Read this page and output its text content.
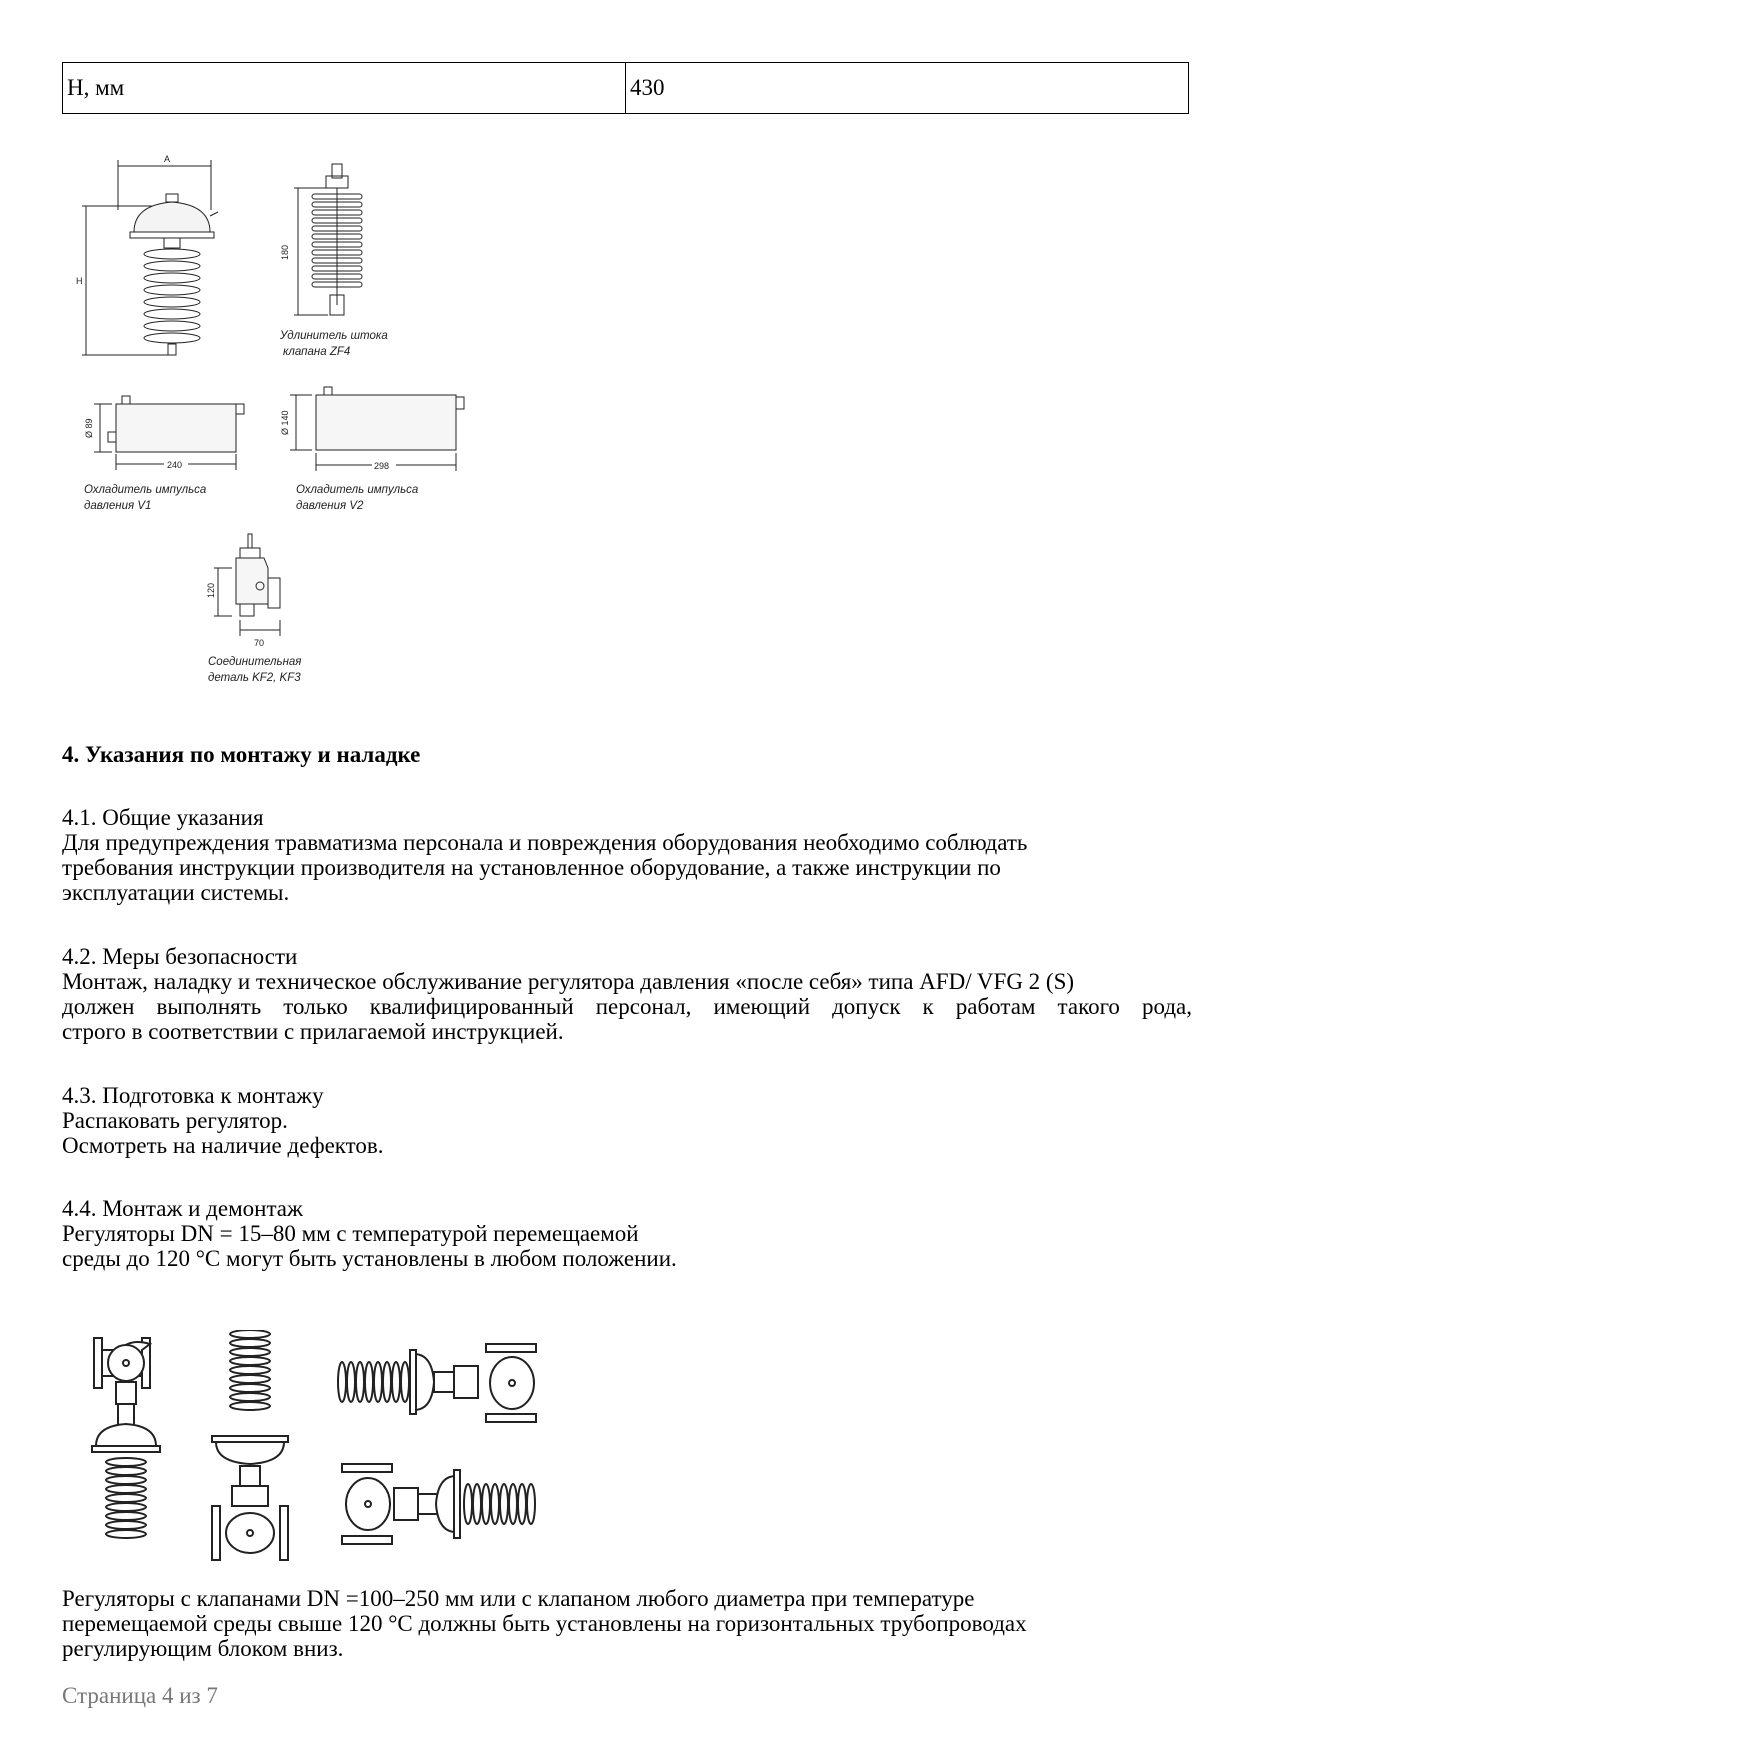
H, мм	430
A
H
180
Удлинитель штока
клапана ZF4
Ø 89
240
Охладитель импульса
давления V1
Ø 140
298
Охладитель импульса
давления V2
120
70
Соединительная
деталь KF2, KF3
4. Указания по монтажу и наладке

4.1. Общие указания

Для предупреждения травматизма персонала и повреждения оборудования необходимо соблюдать

требования инструкции производителя на установленное оборудование, а также инструкции по

эксплуатации системы.

4.2. Меры безопасности

Монтаж, наладку и техническое обслуживание регулятора давления «после себя» типа AFD/ VFG 2 (S)

должен выполнять только квалифицированный персонал, имеющий допуск к работам такого рода,

строго в соответствии с прилагаемой инструкцией.

4.3. Подготовка к монтажу

Распаковать регулятор.

Осмотреть на наличие дефектов.

4.4. Монтаж и демонтаж

Регуляторы DN = 15–80 мм с температурой перемещаемой

среды до 120 °С могут быть установлены в любом положении.

Регуляторы с клапанами DN =100–250 мм или с клапаном любого диаметра при температуре

перемещаемой среды свыше 120 °С должны быть установлены на горизонтальных трубопроводах

регулирующим блоком вниз.

Страница 4 из 7
